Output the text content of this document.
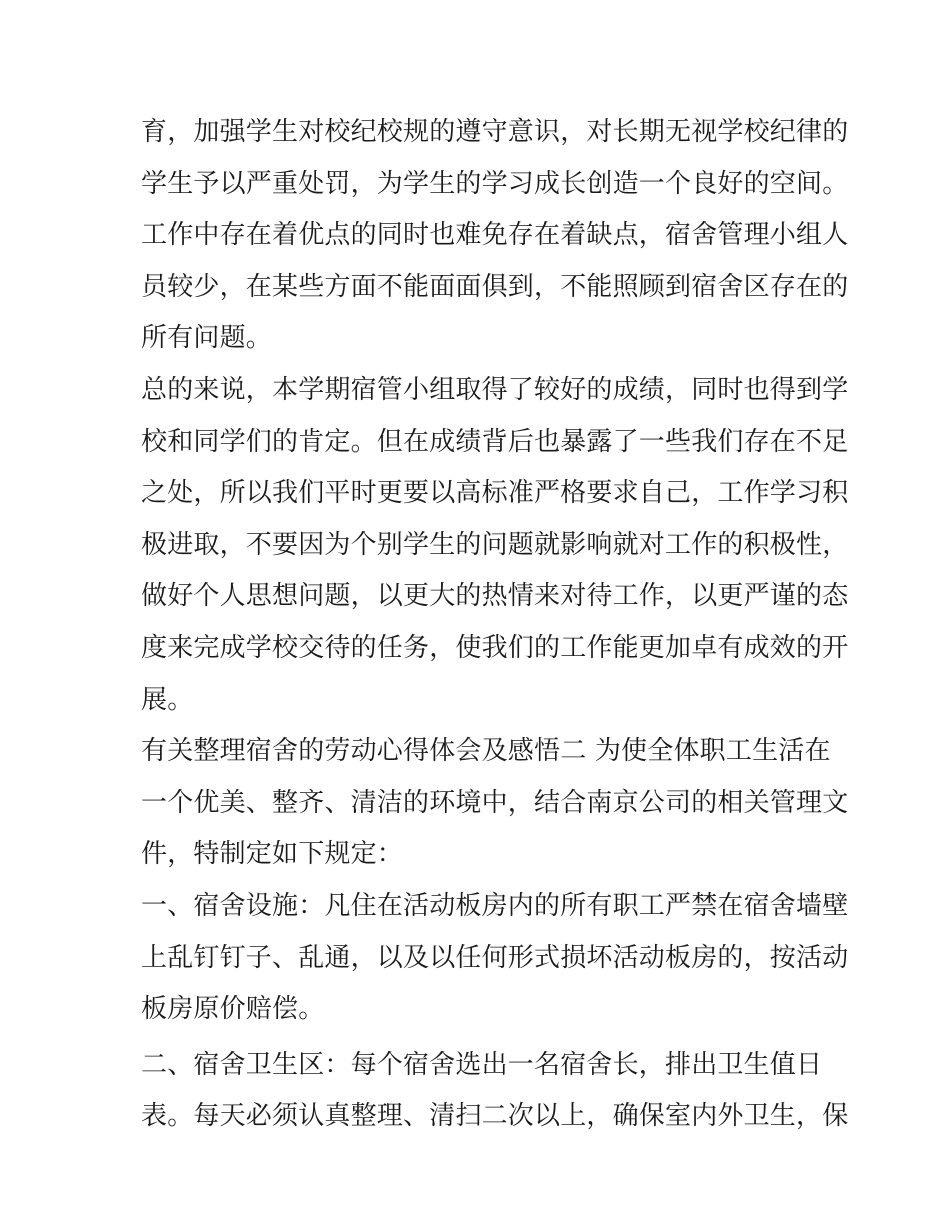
育，加强学生对校纪校规的遵守意识，对长期无视学校纪律的
学生予以严重处罚，为学生的学习成长创造一个良好的空间。
工作中存在着优点的同时也难免存在着缺点，宿舍管理小组人
员较少，在某些方面不能面面俱到，不能照顾到宿舍区存在的
所有问题。
总的来说，本学期宿管小组取得了较好的成绩，同时也得到学
校和同学们的肯定。但在成绩背后也暴露了一些我们存在不足
之处，所以我们平时更要以高标准严格要求自己，工作学习积
极进取，不要因为个别学生的问题就影响就对工作的积极性，
做好个人思想问题，以更大的热情来对待工作，以更严谨的态
度来完成学校交待的任务，使我们的工作能更加卓有成效的开
展。
有关整理宿舍的劳动心得体会及感悟二 为使全体职工生活在
一个优美、整齐、清洁的环境中，结合南京公司的相关管理文
件，特制定如下规定：
一、宿舍设施：凡住在活动板房内的所有职工严禁在宿舍墙壁
上乱钉钉子、乱通，以及以任何形式损坏活动板房的，按活动
板房原价赔偿。
二、宿舍卫生区：每个宿舍选出一名宿舍长，排出卫生值日
表。每天必须认真整理、清扫二次以上，确保室内外卫生，保
